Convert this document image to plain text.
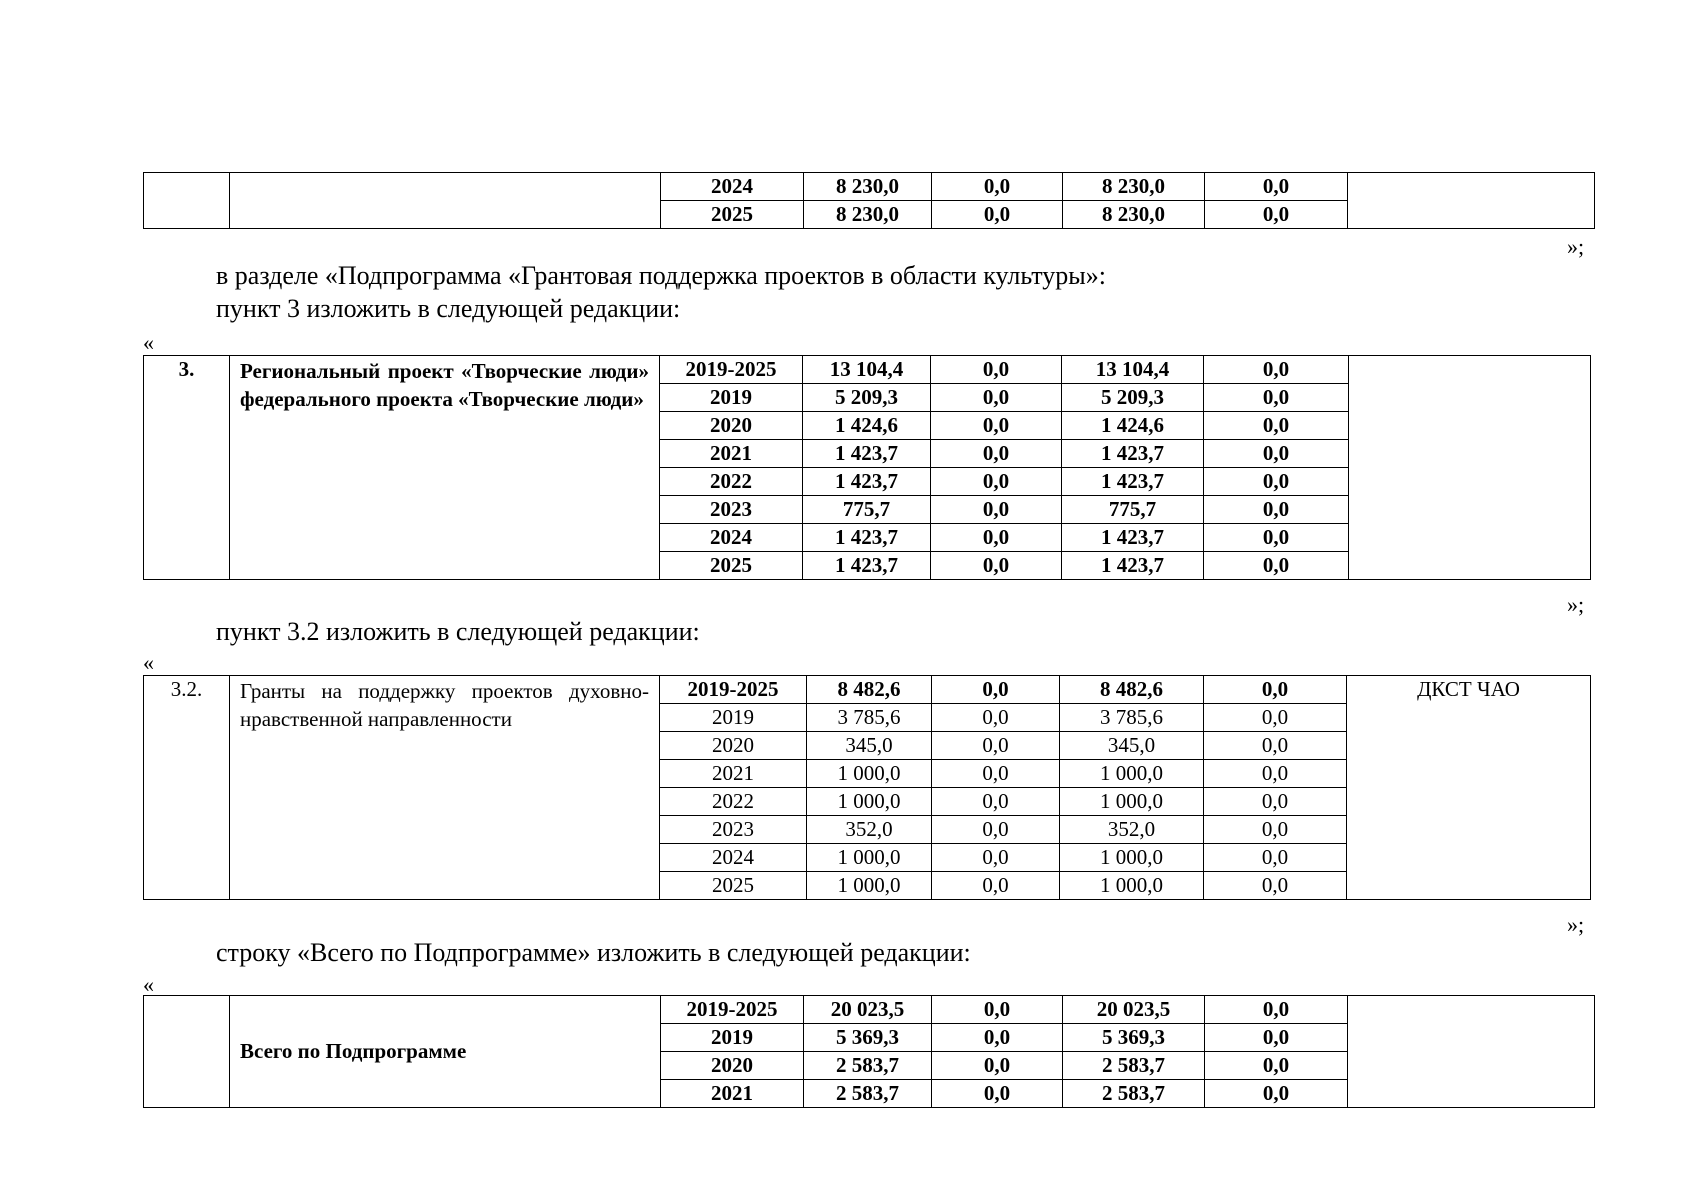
		2024	8 230,0	0,0	8 230,0	0,0	
		2025	8 230,0	0,0	8 230,0	0,0	
»;
в разделе «Подпрограмма «Грантовая поддержка проектов в области культуры»:
пункт 3 изложить в следующей редакции:
«
3.	Региональный проект «Творческие люди» федерального проекта «Творческие люди»	2019-2025	13 104,4	0,0	13 104,4	0,0	
		2019	5 209,3	0,0	5 209,3	0,0	
		2020	1 424,6	0,0	1 424,6	0,0	
		2021	1 423,7	0,0	1 423,7	0,0	
		2022	1 423,7	0,0	1 423,7	0,0	
		2023	775,7	0,0	775,7	0,0	
		2024	1 423,7	0,0	1 423,7	0,0	
		2025	1 423,7	0,0	1 423,7	0,0	
»;
пункт 3.2 изложить в следующей редакции:
«
3.2.	Гранты на поддержку проектов духовно-нравственной направленности	2019-2025	8 482,6	0,0	8 482,6	0,0	ДКСТ ЧАО
		2019	3 785,6	0,0	3 785,6	0,0	
		2020	345,0	0,0	345,0	0,0	
		2021	1 000,0	0,0	1 000,0	0,0	
		2022	1 000,0	0,0	1 000,0	0,0	
		2023	352,0	0,0	352,0	0,0	
		2024	1 000,0	0,0	1 000,0	0,0	
		2025	1 000,0	0,0	1 000,0	0,0	
»;
строку «Всего по Подпрограмме» изложить в следующей редакции:
«
	Всего по Подпрограмме	2019-2025	20 023,5	0,0	20 023,5	0,0	
		2019	5 369,3	0,0	5 369,3	0,0	
		2020	2 583,7	0,0	2 583,7	0,0	
		2021	2 583,7	0,0	2 583,7	0,0	
